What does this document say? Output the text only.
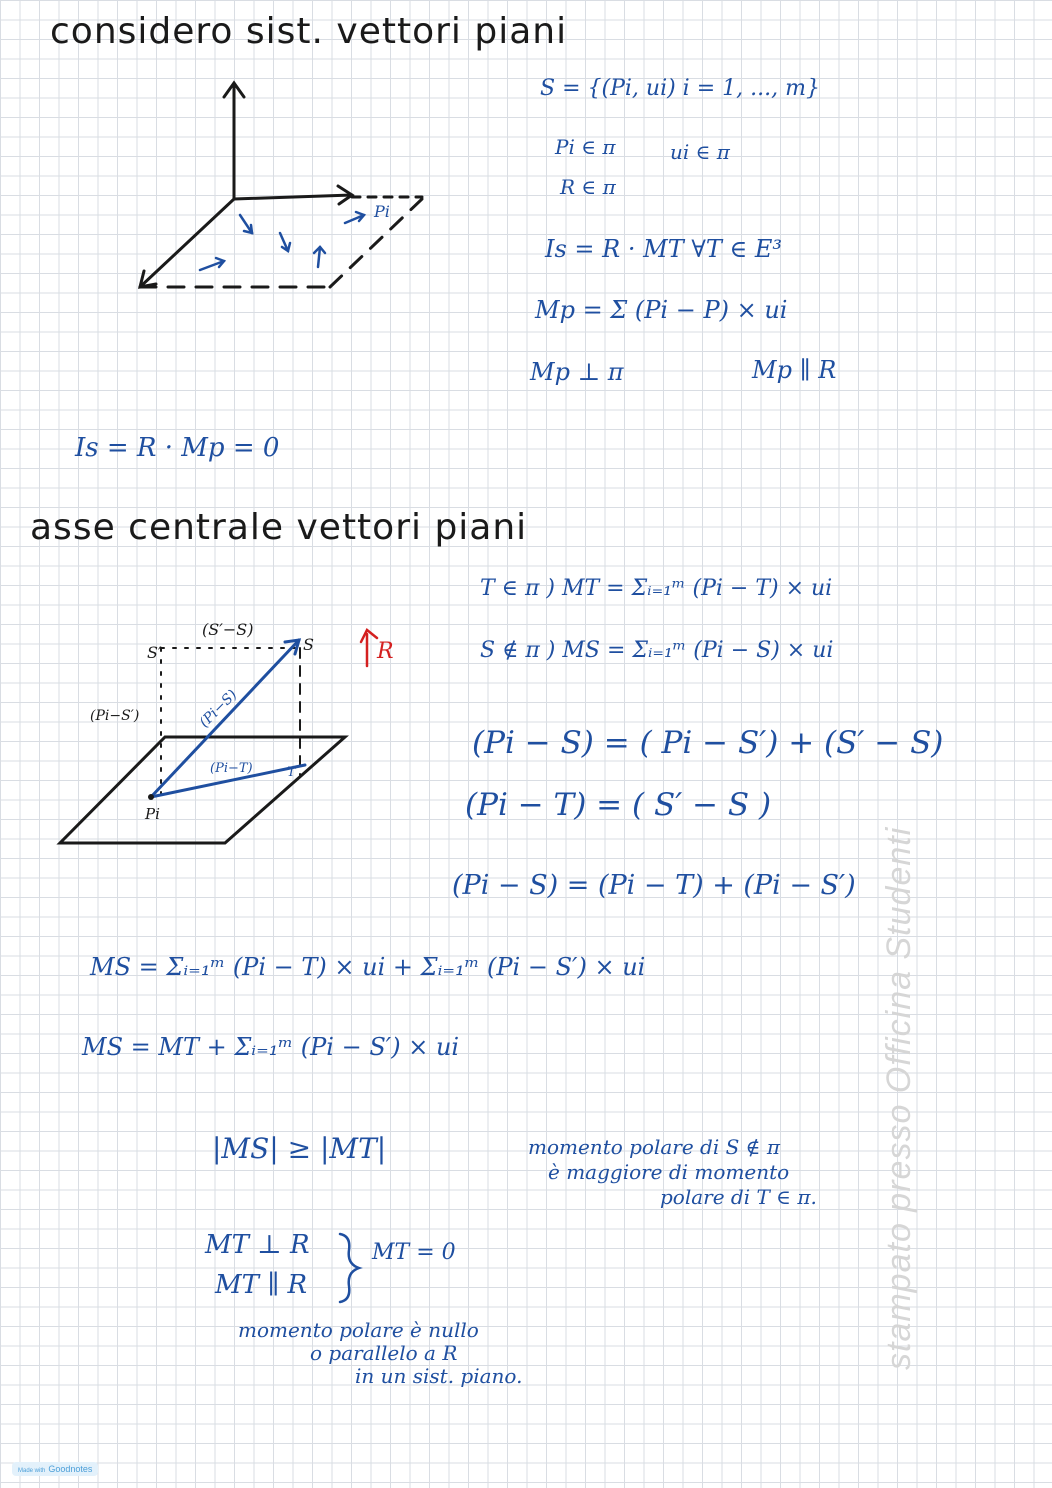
considero sist. vettori piani
Pi
S = {(Pi, ui) i = 1, ..., m}
Pi ∈ π	ui ∈ π
R ∈ π
Is = R · MT ∀T ∈ E³
Mp = Σ (Pi − P) × ui
Mp ⊥ π	Mp ∥ R
Is = R · Mp = 0
asse centrale vettori piani
S′	S
(S′−S)
(Pi−S′)	(Pi−S)
(Pi−T)	T
Pi
R
T ∈ π ) MT = Σᵢ₌₁ᵐ (Pi − T) × ui
S ∉ π ) MS = Σᵢ₌₁ᵐ (Pi − S) × ui
(Pi − S) = ( Pi − S′) + (S′ − S)
(Pi − T) = ( S′ − S )
(Pi − S) = (Pi − T) + (Pi − S′)
MS = Σᵢ₌₁ᵐ (Pi − T) × ui + Σᵢ₌₁ᵐ (Pi − S′) × ui
MS = MT + Σᵢ₌₁ᵐ (Pi − S′) × ui
|MS| ≥ |MT|	momento polare di S ∉ π
è maggiore di momento
polare di T ∈ π.
MT ⊥ R
MT ∥ R
MT = 0
momento polare è nullo
o parallelo a R
in un sist. piano.
stampato presso Officina Studenti
Made with Goodnotes
